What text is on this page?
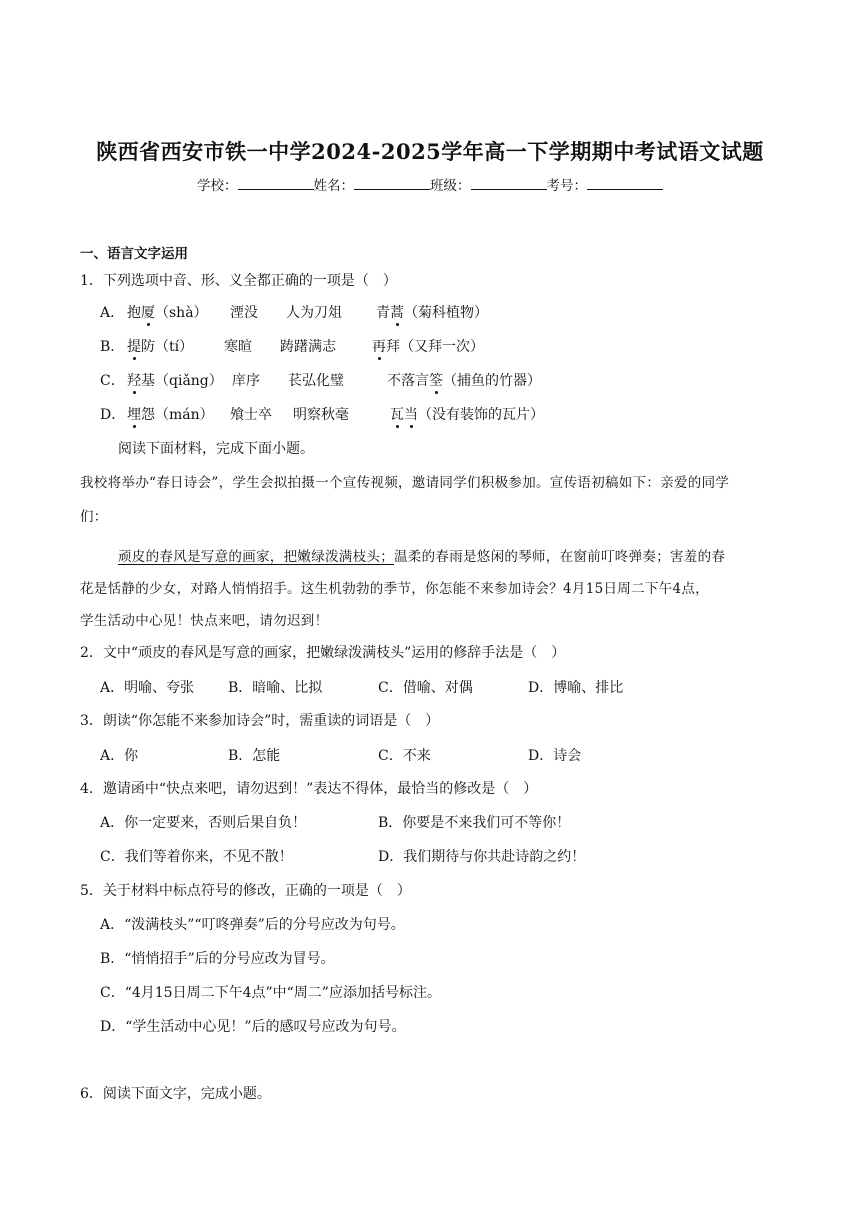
陕西省西安市铁一中学2024-2025学年高一下学期期中考试语文试题
学校：	姓名：	班级：	考号：
一、语言文字运用
1．下列选项中音、形、义全都正确的一项是（　）
A． 抱厦（shà） 湮没 人为刀俎 青蒿（菊科植物）
B． 提防（tí） 寒暄 踌躇满志	再拜（又拜一次）
C． 羟基（qiǎng） 庠序 苌弘化璧	不落言筌（捕鱼的竹器）
D． 埋怨（mán） 飧士卒 明察秋毫	瓦当（没有装饰的瓦片）
阅读下面材料，完成下面小题。
我校将举办“春日诗会”，学生会拟拍摄一个宣传视频，邀请同学们积极参加。宣传语初稿如下：亲爱的同学
们：
顽皮的春风是写意的画家，把嫩绿泼满枝头；温柔的春雨是悠闲的琴师，在窗前叮咚弹奏；害羞的春
花是恬静的少女，对路人悄悄招手。这生机勃勃的季节，你怎能不来参加诗会？4月15日周二下午4点，
学生活动中心见！快点来吧，请勿迟到！
2．文中“顽皮的春风是写意的画家，把嫩绿泼满枝头”运用的修辞手法是（　）
A．明喻、夸张 B．暗喻、比拟	C．借喻、对偶	D．博喻、排比
3．朗读“你怎能不来参加诗会”时，需重读的词语是（　）
A．你	B．怎能	C．不来	D．诗会
4．邀请函中“快点来吧，请勿迟到！”表达不得体，最恰当的修改是（　）
A．你一定要来，否则后果自负！	B．你要是不来我们可不等你！
C．我们等着你来，不见不散！	D．我们期待与你共赴诗韵之约！
5．关于材料中标点符号的修改，正确的一项是（　）
A．“泼满枝头”“叮咚弹奏”后的分号应改为句号。
B．“悄悄招手”后的分号应改为冒号。
C．“4月15日周二下午4点”中“周二”应添加括号标注。
D．“学生活动中心见！”后的感叹号应改为句号。
6．阅读下面文字，完成小题。
